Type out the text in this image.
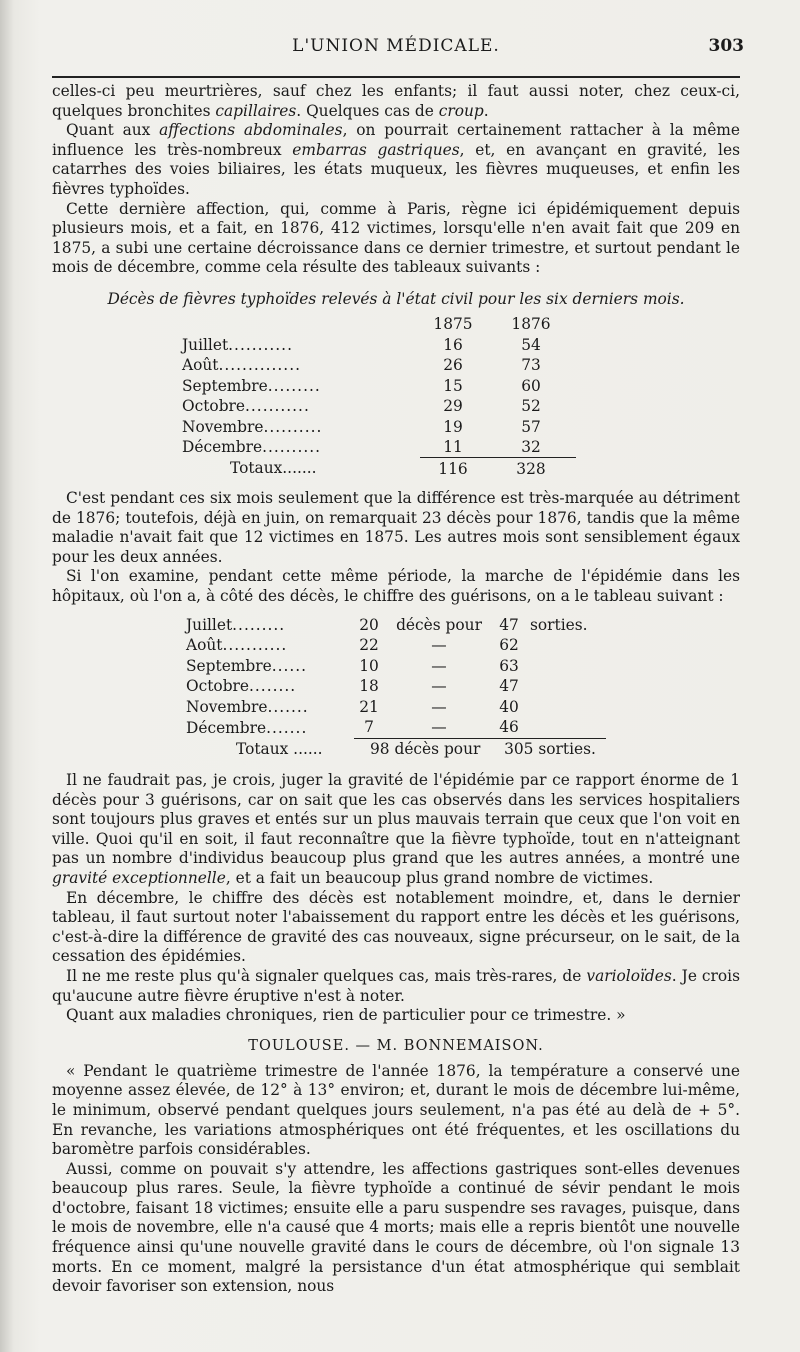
L'UNION MÉDICALE.	303

celles-ci peu meurtrières, sauf chez les enfants; il faut aussi noter, chez ceux-ci, quelques bronchites capillaires. Quelques cas de croup.

Quant aux affections abdominales, on pourrait certainement rattacher à la même influence les très-nombreux embarras gastriques, et, en avançant en gravité, les catarrhes des voies biliaires, les états muqueux, les fièvres muqueuses, et enfin les fièvres typhoïdes.

Cette dernière affection, qui, comme à Paris, règne ici épidémiquement depuis plusieurs mois, et a fait, en 1876, 412 victimes, lorsqu'elle n'en avait fait que 209 en 1875, a subi une certaine décroissance dans ce dernier trimestre, et surtout pendant le mois de décembre, comme cela résulte des tableaux suivants :

Décès de fièvres typhoïdes relevés à l'état civil pour les six derniers mois.
	1875	1876
Juillet...........	16	54
Août..............	26	73
Septembre.........	15	60
Octobre...........	29	52
Novembre..........	19	57
Décembre..........	11	32
Totaux.......	116	328

C'est pendant ces six mois seulement que la différence est très-marquée au détriment de 1876; toutefois, déjà en juin, on remarquait 23 décès pour 1876, tandis que la même maladie n'avait fait que 12 victimes en 1875. Les autres mois sont sensiblement égaux pour les deux années.

Si l'on examine, pendant cette même période, la marche de l'épidémie dans les hôpitaux, où l'on a, à côté des décès, le chiffre des guérisons, on a le tableau suivant :

Juillet.........	20	décès pour	47	sorties.
Août...........	22	—	62	
Septembre......	10	—	63	
Octobre........	18	—	47	
Novembre.......	21	—	40	
Décembre.......	7	—	46	
Totaux ......	98 décès pour		305 sorties.	

Il ne faudrait pas, je crois, juger la gravité de l'épidémie par ce rapport énorme de 1 décès pour 3 guérisons, car on sait que les cas observés dans les services hospitaliers sont toujours plus graves et entés sur un plus mauvais terrain que ceux que l'on voit en ville. Quoi qu'il en soit, il faut reconnaître que la fièvre typhoïde, tout en n'atteignant pas un nombre d'individus beaucoup plus grand que les autres années, a montré une gravité exceptionnelle, et a fait un beaucoup plus grand nombre de victimes.

En décembre, le chiffre des décès est notablement moindre, et, dans le dernier tableau, il faut surtout noter l'abaissement du rapport entre les décès et les guérisons, c'est-à-dire la différence de gravité des cas nouveaux, signe précurseur, on le sait, de la cessation des épidémies.

Il ne me reste plus qu'à signaler quelques cas, mais très-rares, de varioloïdes. Je crois qu'aucune autre fièvre éruptive n'est à noter.

Quant aux maladies chroniques, rien de particulier pour ce trimestre. »

TOULOUSE. — M. BONNEMAISON.

« Pendant le quatrième trimestre de l'année 1876, la température a conservé une moyenne assez élevée, de 12° à 13° environ; et, durant le mois de décembre lui-même, le minimum, observé pendant quelques jours seulement, n'a pas été au delà de + 5°. En revanche, les variations atmosphériques ont été fréquentes, et les oscillations du baromètre parfois considérables.

Aussi, comme on pouvait s'y attendre, les affections gastriques sont-elles devenues beaucoup plus rares. Seule, la fièvre typhoïde a continué de sévir pendant le mois d'octobre, faisant 18 victimes; ensuite elle a paru suspendre ses ravages, puisque, dans le mois de novembre, elle n'a causé que 4 morts; mais elle a repris bientôt une nouvelle fréquence ainsi qu'une nouvelle gravité dans le cours de décembre, où l'on signale 13 morts. En ce moment, malgré la persistance d'un état atmosphérique qui semblait devoir favoriser son extension, nous
